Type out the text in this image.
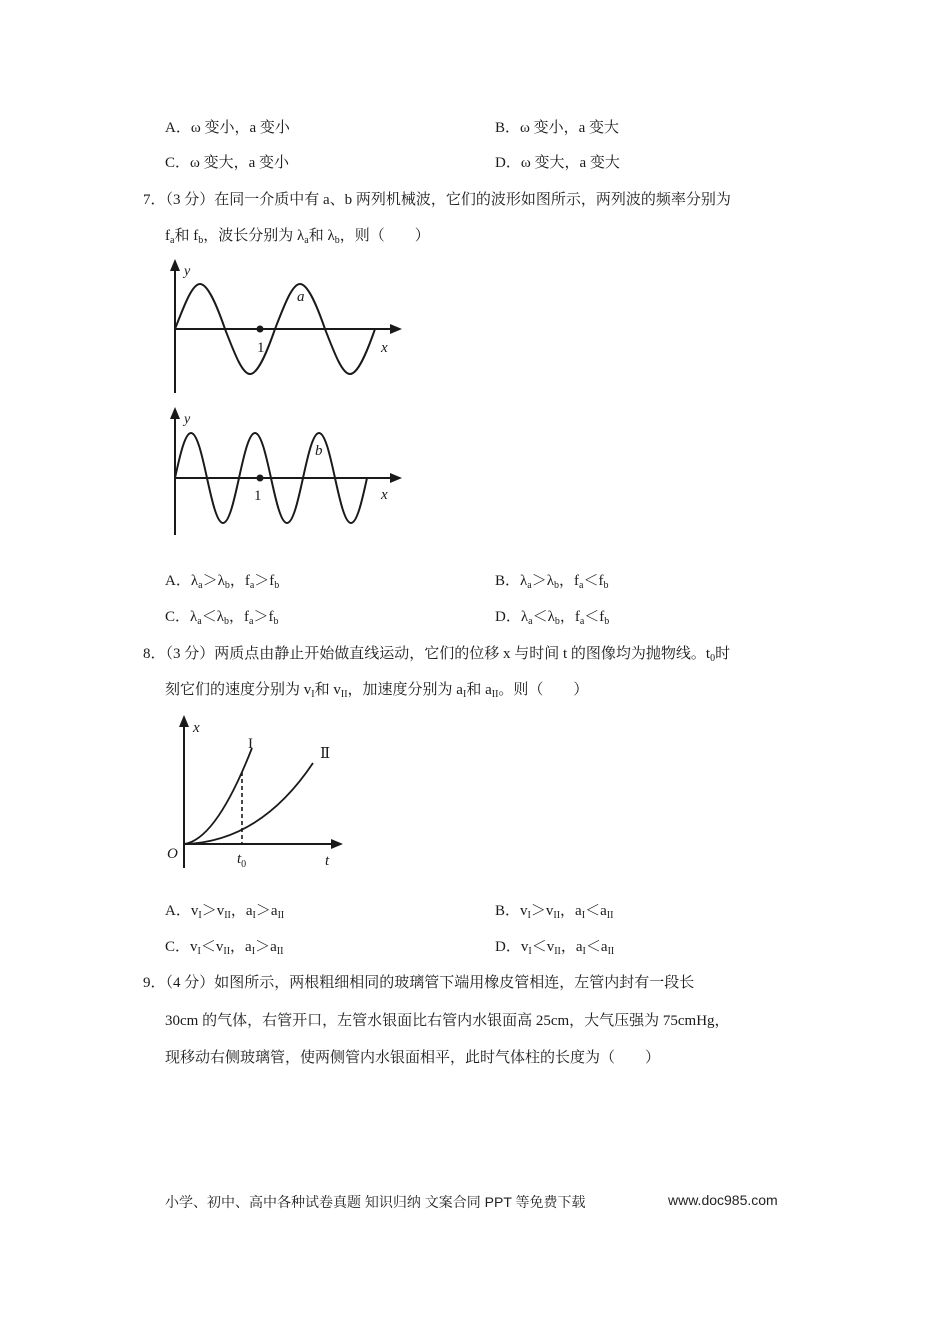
A．ω 变小，a 变小	B．ω 变小，a 变大
C．ω 变大，a 变小	D．ω 变大，a 变大
7．（3 分）在同一介质中有 a、b 两列机械波，它们的波形如图所示，两列波的频率分别为
$f_a$和 $f_b$，波长分别为 $\lambda_a$和 $\lambda_b$，则（　　）
y
a
1	x
y
b
1	x
A．$\lambda_a>\lambda_b$，$f_a>f_b$	B．$\lambda_a>\lambda_b$，$f_a<f_b$
C．$\lambda_a<\lambda_b$，$f_a>f_b$	D．$\lambda_a<\lambda_b$，$f_a<f_b$
8．（3 分）两质点由静止开始做直线运动，它们的位移 x 与时间 t 的图像均为抛物线。$t_0$时
刻它们的速度分别为 $v_I$和 $v_{II}$，加速度分别为 $a_I$和 $a_{II}$。则（　　）
x
I
Ⅱ
O	$t_0$	t
A．$v_I>v_{II}$，$a_I>a_{II}$	B．$v_I>v_{II}$，$a_I<a_{II}$
C．$v_I<v_{II}$，$a_I>a_{II}$	D．$v_I<v_{II}$，$a_I<a_{II}$
9．（4 分）如图所示，两根粗细相同的玻璃管下端用橡皮管相连，左管内封有一段长
30cm 的气体，右管开口，左管水银面比右管内水银面高 25cm，大气压强为 75cmHg，
现移动右侧玻璃管，使两侧管内水银面相平，此时气体柱的长度为（　　）
小学、初中、高中各种试卷真题 知识归纳 文案合同 PPT 等免费下载	www.doc985.com
